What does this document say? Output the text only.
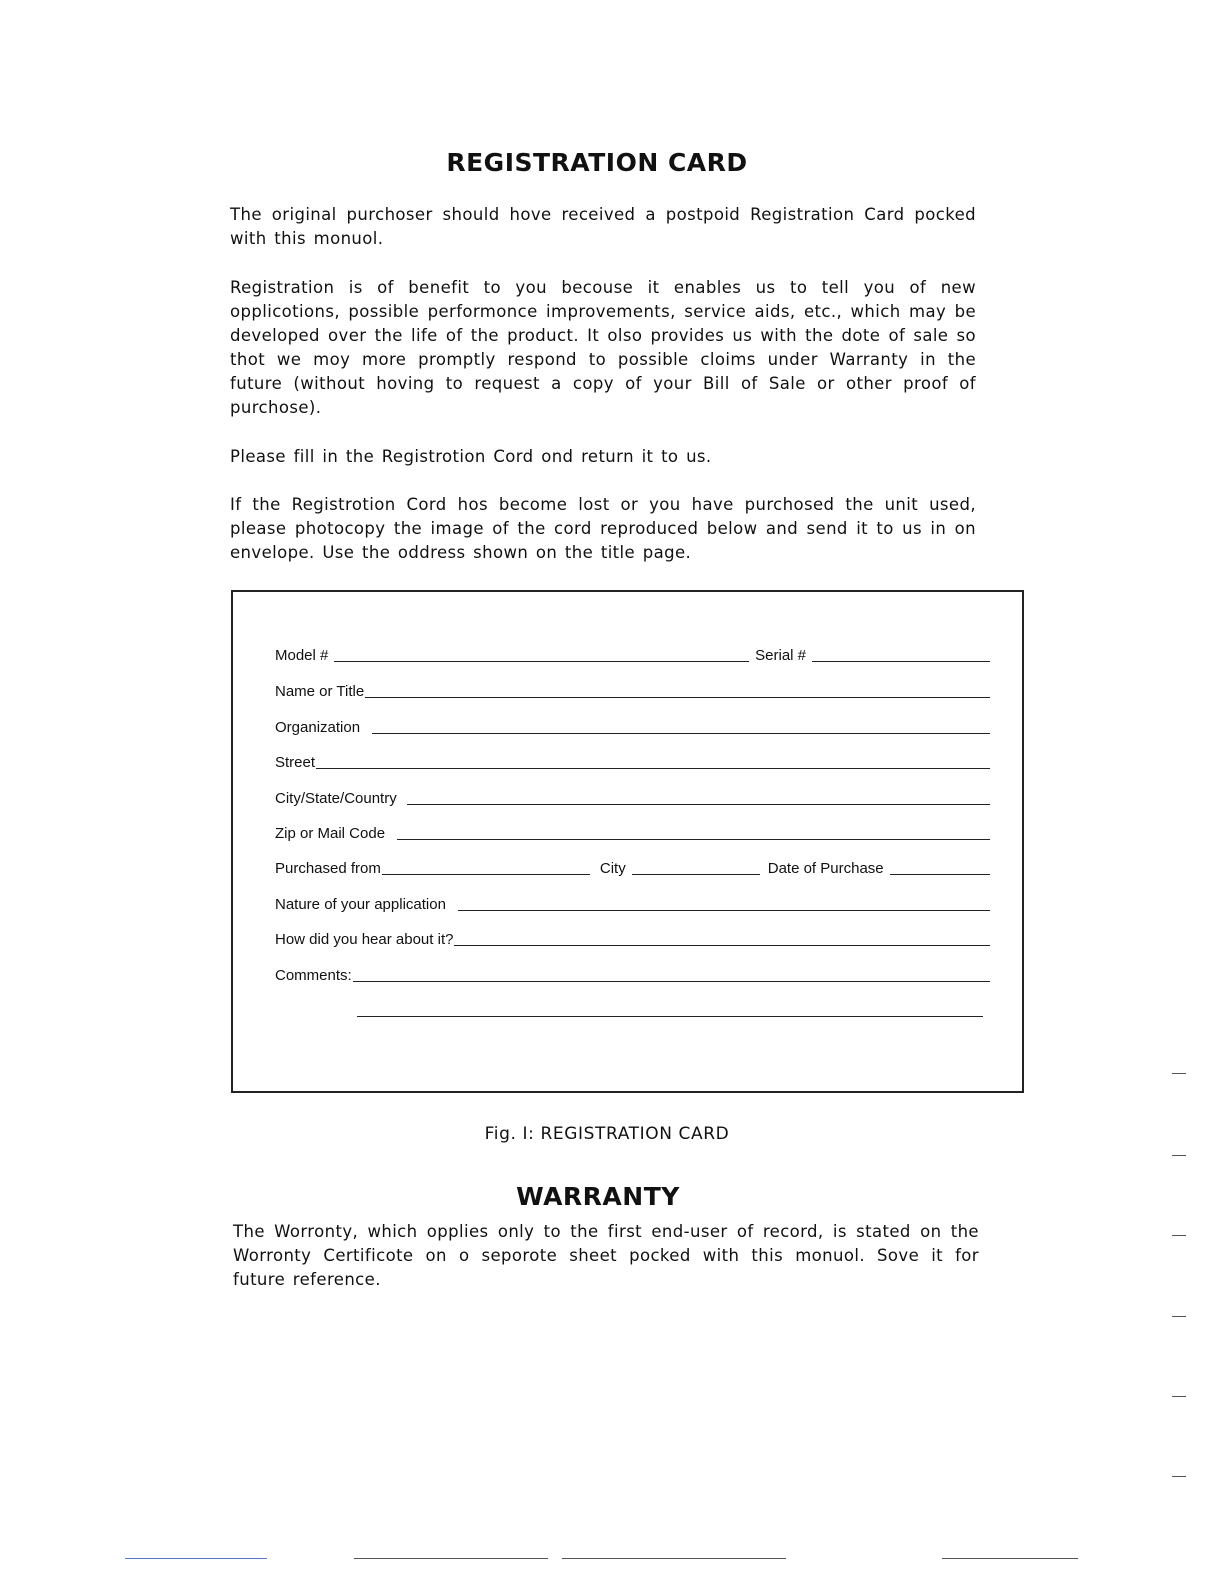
REGISTRATION CARD

The original purchoser should hove received a postpoid Registration Card pocked with this monuol.

Registration is of benefit to you becouse it enables us to tell you of new opplicotions, possible performonce improvements, service aids, etc., which may be developed over the life of the product. It olso provides us with the dote of sale so thot we moy more promptly respond to possible cloims under Warranty in the future (without hoving to request a copy of your Bill of Sale or other proof of purchose).

Please fill in the Registrotion Cord ond return it to us.

If the Registrotion Cord hos become lost or you have purchosed the unit used, please photocopy the image of the cord reproduced below and send it to us in on envelope. Use the oddress shown on the title page.

Model #	Serial #
Name or Title
Organization
Street
City/State/Country
Zip or Mail Code
Purchased from	City	Date of Purchase
Nature of your application
How did you hear about it?
Comments:

Fig. I: REGISTRATION CARD

WARRANTY

The Worronty, which opplies only to the first end-user of record, is stated on the Worronty Certificote on o seporote sheet pocked with this monuol. Sove it for future reference.
